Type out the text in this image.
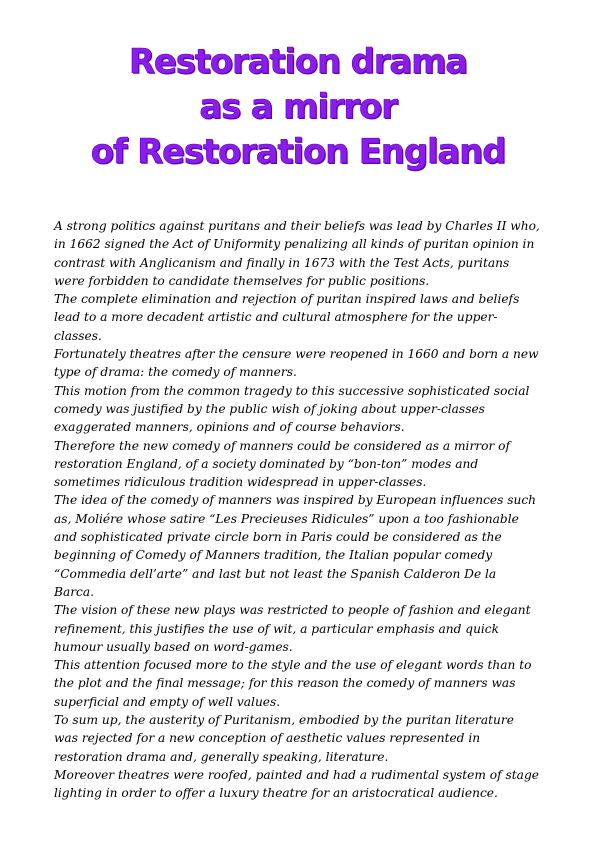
Restoration drama
as a mirror
of Restoration England

A strong politics against puritans and their beliefs was lead by Charles II who, in 1662 signed the Act of Uniformity penalizing all kinds of puritan opinion in contrast with Anglicanism and finally in 1673 with the Test Acts, puritans were forbidden to candidate themselves for public positions.

The complete elimination and rejection of puritan inspired laws and beliefs lead to a more decadent artistic and cultural atmosphere for the upper-classes.

Fortunately theatres after the censure were reopened in 1660 and born a new type of drama: the comedy of manners.

This motion from the common tragedy to this successive sophisticated social comedy was justified by the public wish of joking about upper-classes exaggerated manners, opinions and of course behaviors.

Therefore the new comedy of manners could be considered as a mirror of restoration England, of a society dominated by “bon-ton” modes and sometimes ridiculous tradition widespread in upper-classes.

The idea of the comedy of manners was inspired by European influences such as, Moliére whose satire “Les Precieuses Ridicules” upon a too fashionable and sophisticated private circle born in Paris could be considered as the beginning of Comedy of Manners tradition, the Italian popular comedy “Commedia dell’arte” and last but not least the Spanish Calderon De la Barca.

The vision of these new plays was restricted to people of fashion and elegant refinement, this justifies the use of wit, a particular emphasis and quick humour usually based on word-games.

This attention focused more to the style and the use of elegant words than to the plot and the final message; for this reason the comedy of manners was superficial and empty of well values.

To sum up, the austerity of Puritanism, embodied by the puritan literature was rejected for a new conception of aesthetic values represented in restoration drama and, generally speaking, literature.

Moreover theatres were roofed, painted and had a rudimental system of stage lighting in order to offer a luxury theatre for an aristocratical audience.
